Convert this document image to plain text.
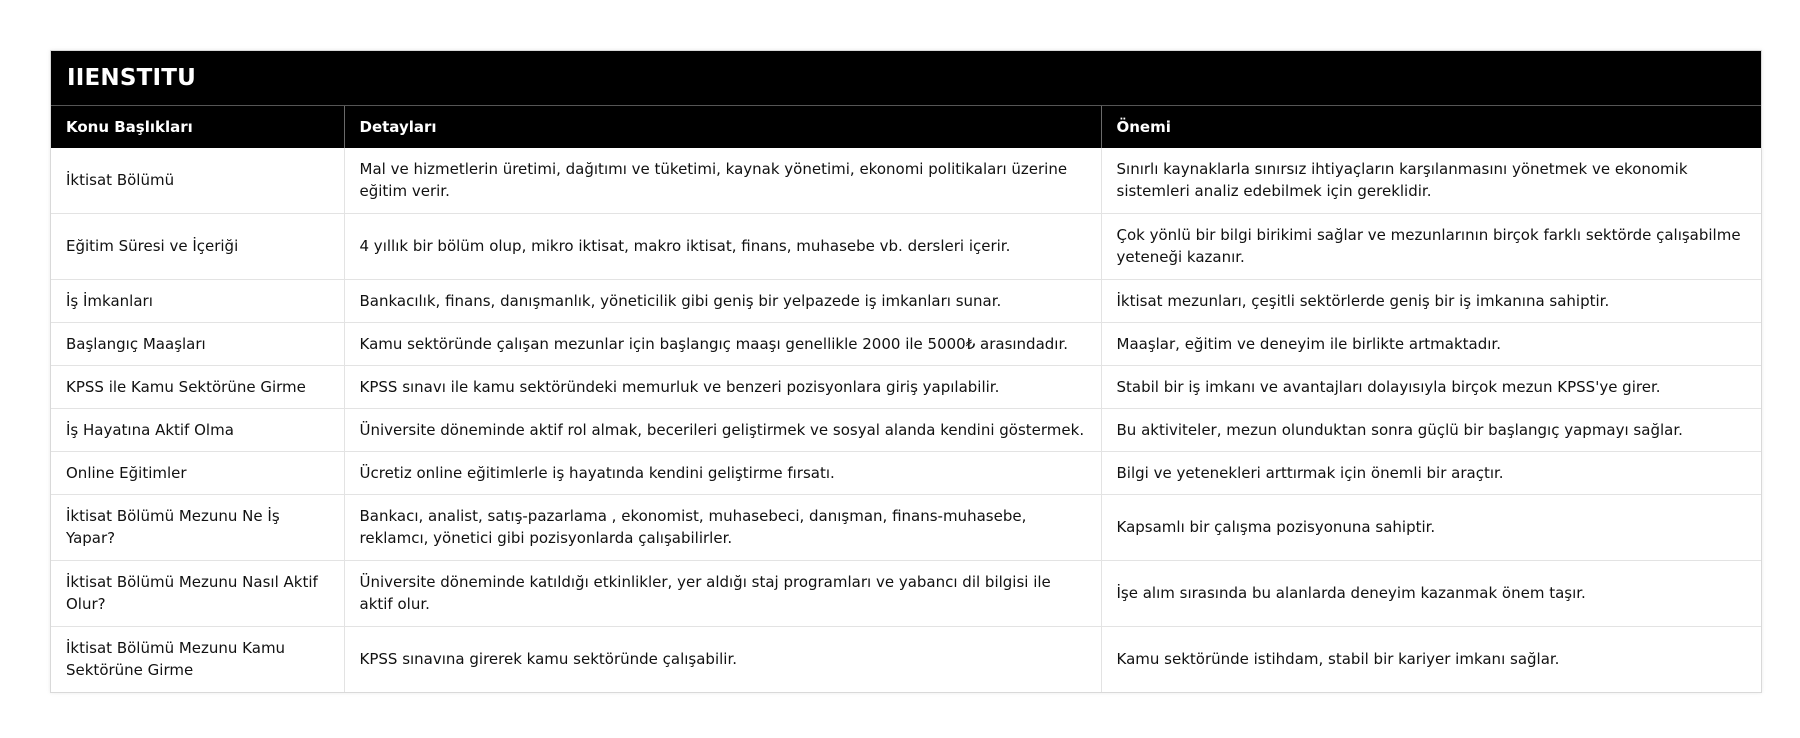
IIENSTITU
Konu Başlıkları	Detayları	Önemi
İktisat Bölümü	Mal ve hizmetlerin üretimi, dağıtımı ve tüketimi, kaynak yönetimi, ekonomi politikaları üzerine eğitim verir.	Sınırlı kaynaklarla sınırsız ihtiyaçların karşılanmasını yönetmek ve ekonomik sistemleri analiz edebilmek için gereklidir.
Eğitim Süresi ve İçeriği	4 yıllık bir bölüm olup, mikro iktisat, makro iktisat, finans, muhasebe vb. dersleri içerir.	Çok yönlü bir bilgi birikimi sağlar ve mezunlarının birçok farklı sektörde çalışabilme yeteneği kazanır.
İş İmkanları	Bankacılık, finans, danışmanlık, yöneticilik gibi geniş bir yelpazede iş imkanları sunar.	İktisat mezunları, çeşitli sektörlerde geniş bir iş imkanına sahiptir.
Başlangıç Maaşları	Kamu sektöründe çalışan mezunlar için başlangıç maaşı genellikle 2000 ile 5000₺ arasındadır.	Maaşlar, eğitim ve deneyim ile birlikte artmaktadır.
KPSS ile Kamu Sektörüne Girme	KPSS sınavı ile kamu sektöründeki memurluk ve benzeri pozisyonlara giriş yapılabilir.	Stabil bir iş imkanı ve avantajları dolayısıyla birçok mezun KPSS'ye girer.
İş Hayatına Aktif Olma	Üniversite döneminde aktif rol almak, becerileri geliştirmek ve sosyal alanda kendini göstermek.	Bu aktiviteler, mezun olunduktan sonra güçlü bir başlangıç yapmayı sağlar.
Online Eğitimler	Ücretiz online eğitimlerle iş hayatında kendini geliştirme fırsatı.	Bilgi ve yetenekleri arttırmak için önemli bir araçtır.
İktisat Bölümü Mezunu Ne İş Yapar?	Bankacı, analist, satış-pazarlama , ekonomist, muhasebeci, danışman, finans-muhasebe, reklamcı, yönetici gibi pozisyonlarda çalışabilirler.	Kapsamlı bir çalışma pozisyonuna sahiptir.
İktisat Bölümü Mezunu Nasıl Aktif Olur?	Üniversite döneminde katıldığı etkinlikler, yer aldığı staj programları ve yabancı dil bilgisi ile aktif olur.	İşe alım sırasında bu alanlarda deneyim kazanmak önem taşır.
İktisat Bölümü Mezunu Kamu Sektörüne Girme	KPSS sınavına girerek kamu sektöründe çalışabilir.	Kamu sektöründe istihdam, stabil bir kariyer imkanı sağlar.
